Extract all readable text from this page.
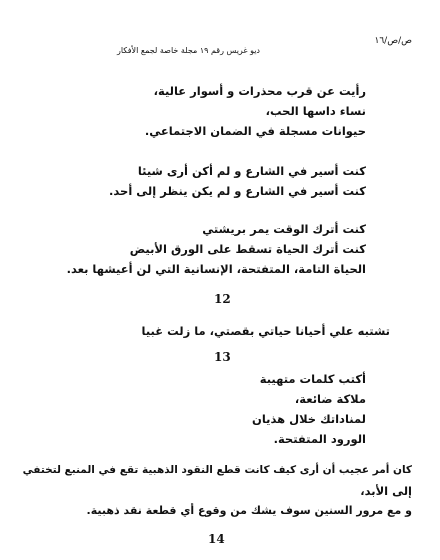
ص/ص/١٦
ديو غريس رقم ١٩ مجلة خاصة لجمع الأفكار
رأيت عن قرب محذرات و أسوار عالية،
نساء داسها الحب،
حيوانات مسجلة في الضمان الاجتماعي.
كنت أسير في الشارع و لم أكن أرى شيئا
كنت أسير في الشارع و لم يكن ينظر إلى أحد.
كنت أترك الوقت يمر بريشتي
كنت أترك الحياة تسقط على الورق الأبيض
الحياة التامة، المتفتحة، الإنسانية التي لن أعيشها بعد.
12
تشتبه علي أحيانا حياتي بقصتي، ما زلت غبيا
13
أكتب كلمات متهيبة
ملاكة ضائعة،
لمناداتك خلال هذيان
الورود المتفتحة.
كان أمر عجيب أن أرى كيف كانت قطع النقود الذهبية تقع في المنبع لتختفي
إلى الأبد،
و مع مرور السنين سوف يشك من وقوع أي قطعة نقد ذهبية.
14
